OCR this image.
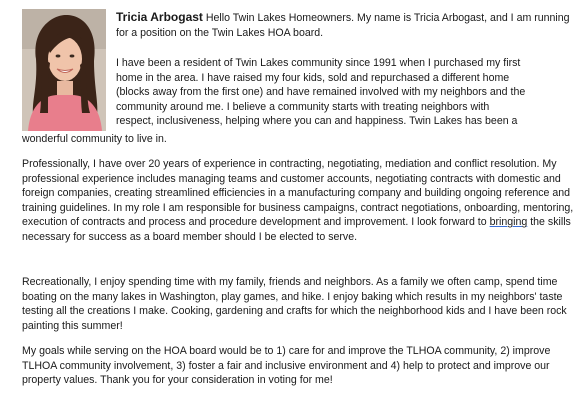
Tricia Arbogast Hello Twin Lakes Homeowners. My name is Tricia Arbogast, and I am running for a position on the Twin Lakes HOA board.

I have been a resident of Twin Lakes community since 1991 when I purchased my first
home in the area. I have raised my four kids, sold and repurchased a different home
(blocks away from the first one) and have remained involved with my neighbors and the
community around me. I believe a community starts with treating neighbors with
respect, inclusiveness, helping where you can and happiness. Twin Lakes has been a

wonderful community to live in.

Professionally, I have over 20 years of experience in contracting, negotiating, mediation and conflict resolution. My professional experience includes managing teams and customer accounts, negotiating contracts with domestic and foreign companies, creating streamlined efficiencies in a manufacturing company and building ongoing reference and training guidelines. In my role I am responsible for business campaigns, contract negotiations, onboarding, mentoring, execution of contracts and process and procedure development and improvement. I look forward to bringing the skills necessary for success as a board member should I be elected to serve.

Recreationally, I enjoy spending time with my family, friends and neighbors. As a family we often camp, spend time boating on the many lakes in Washington, play games, and hike. I enjoy baking which results in my neighbors' taste testing all the creations I make. Cooking, gardening and crafts for which the neighborhood kids and I have been rock painting this summer!

My goals while serving on the HOA board would be to 1) care for and improve the TLHOA community, 2) improve TLHOA community involvement, 3) foster a fair and inclusive environment and 4) help to protect and improve our property values. Thank you for your consideration in voting for me!
